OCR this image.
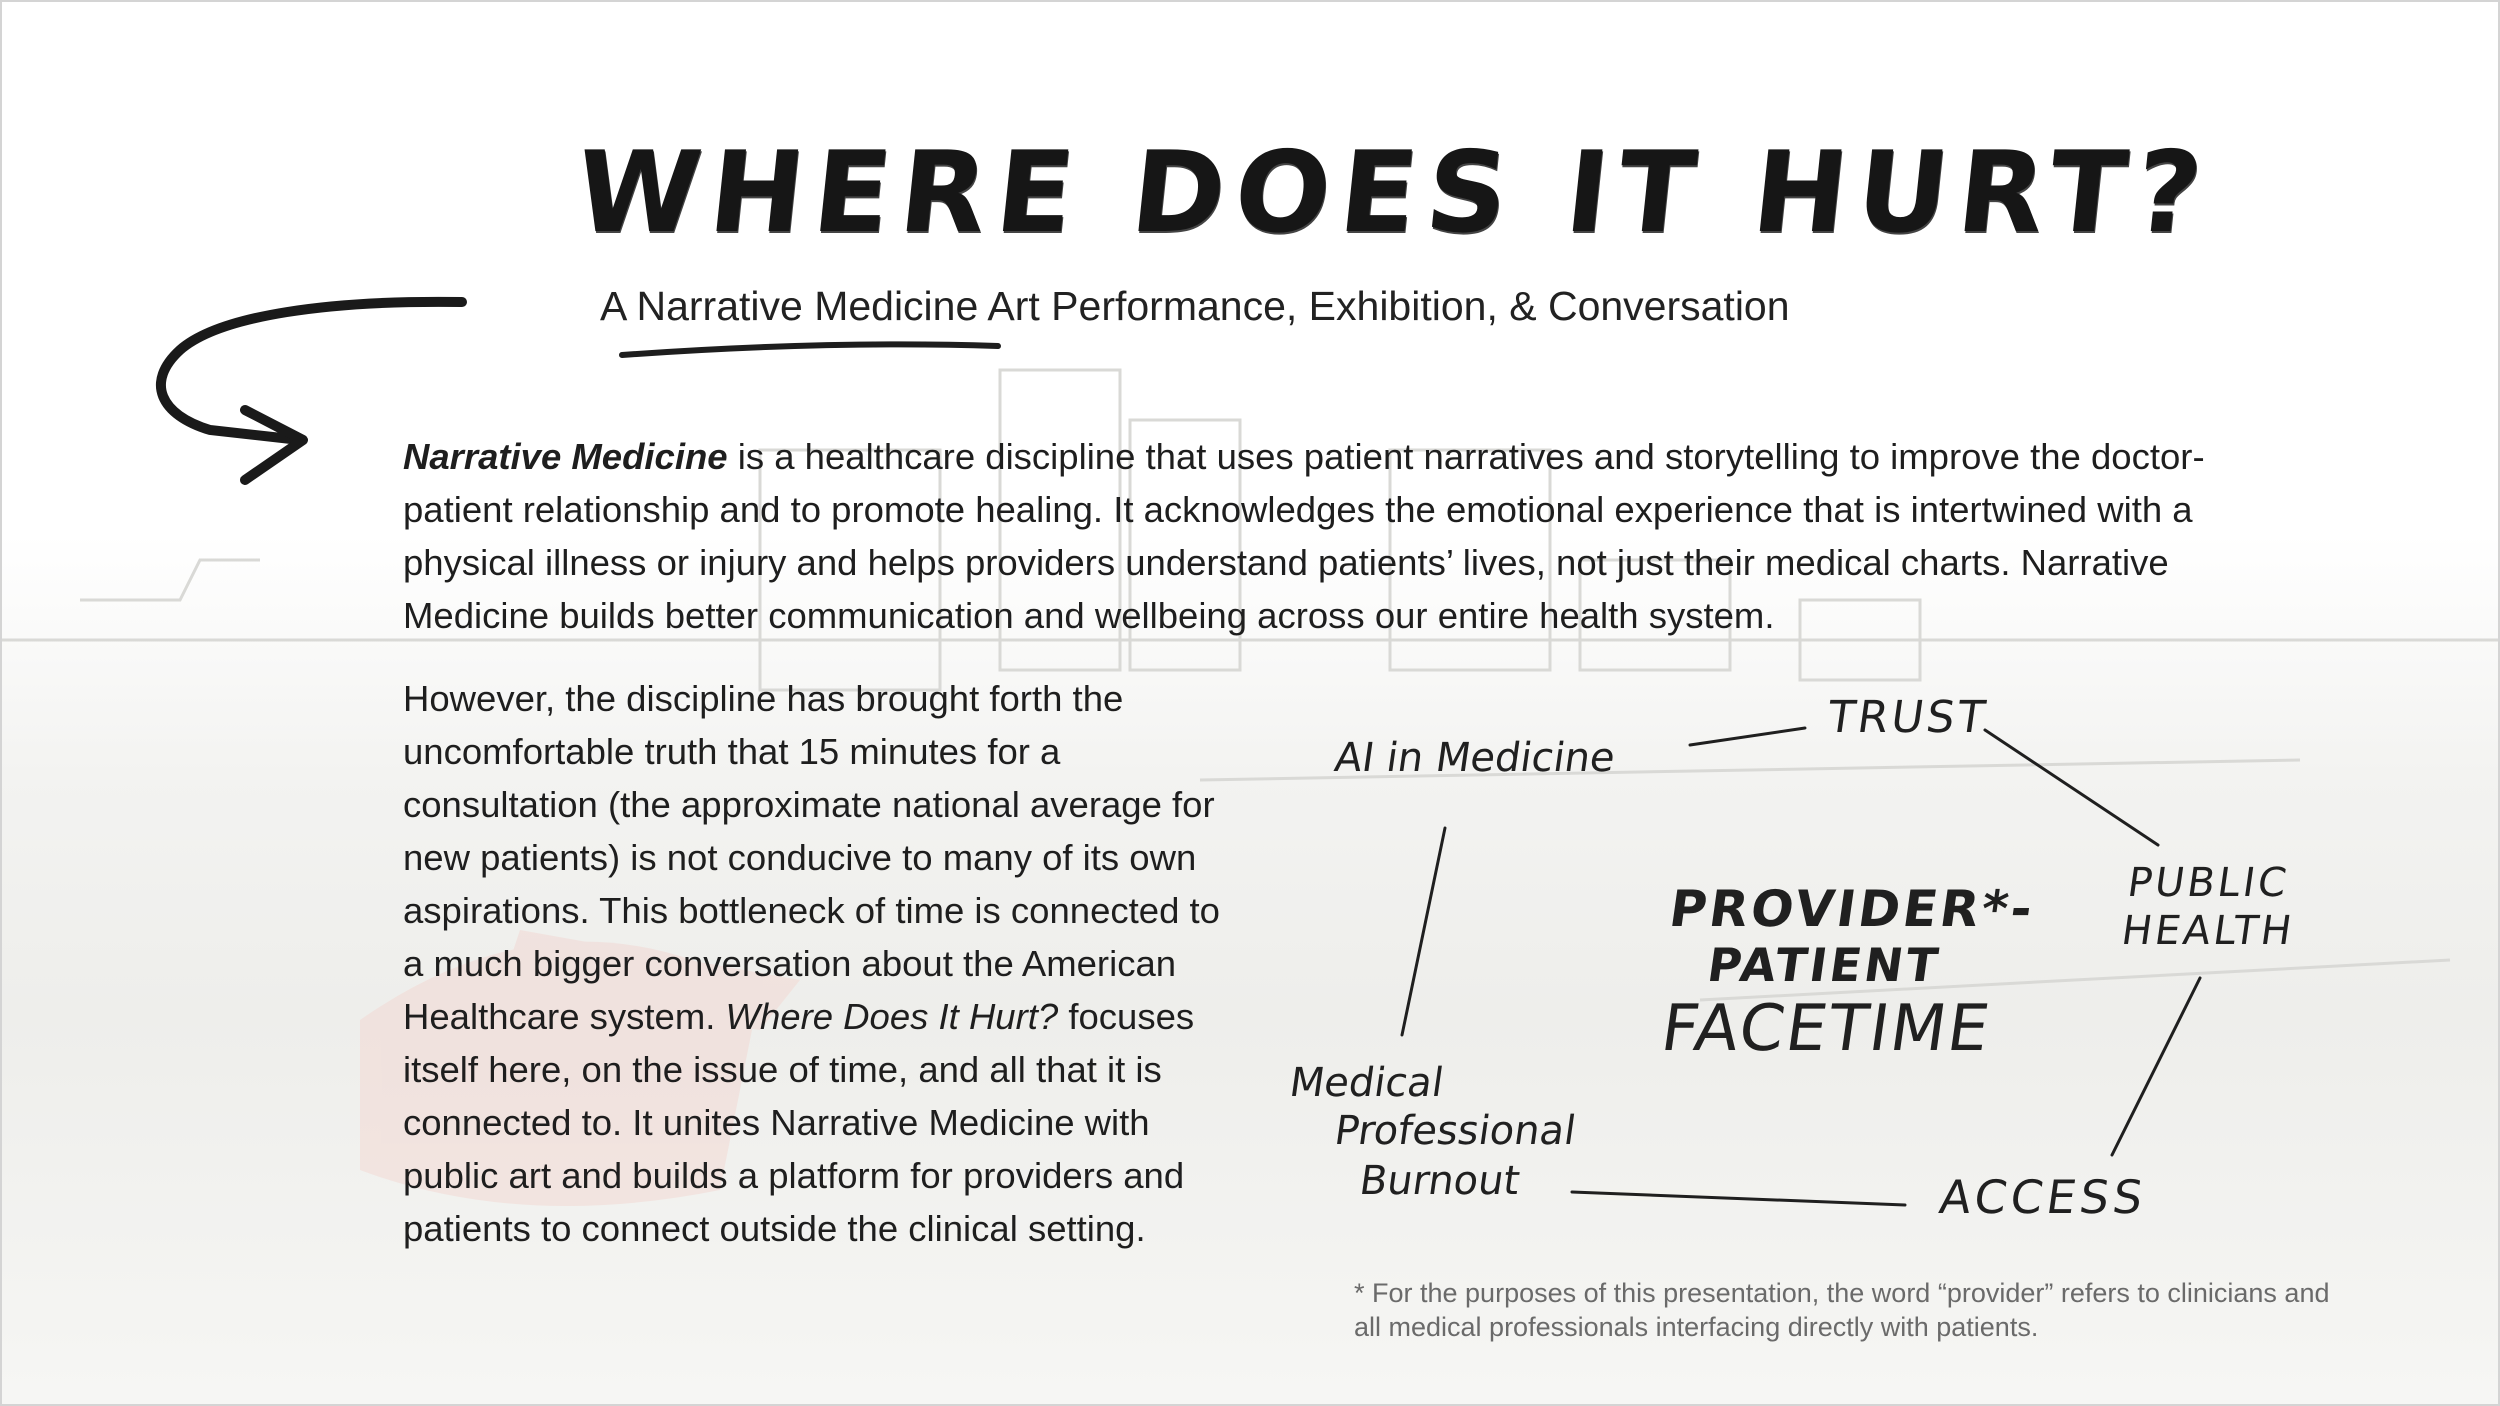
WHERE DOES IT HURT?
A Narrative Medicine Art Performance, Exhibition, & Conversation

Narrative Medicine is a healthcare discipline that uses patient narratives and storytelling to improve the doctor-patient relationship and to promote healing. It acknowledges the emotional experience that is intertwined with a physical illness or injury and helps providers understand patients’ lives, not just their medical charts. Narrative Medicine builds better communication and wellbeing across our entire health system.

However, the discipline has brought forth the uncomfortable truth that 15 minutes for a consultation (the approximate national average for new patients) is not conducive to many of its own aspirations. This bottleneck of time is connected to a much bigger conversation about the American Healthcare system. Where Does It Hurt? focuses itself here, on the issue of time, and all that it is connected to. It unites Narrative Medicine with public art and builds a platform for providers and patients to connect outside the clinical setting.

AI in Medicine
TRUST
PUBLIC
HEALTH
ACCESS
Medical
Professional
Burnout
PROVIDER*-
PATIENT
FACETIME

* For the purposes of this presentation, the word “provider” refers to clinicians and all medical professionals interfacing directly with patients.
